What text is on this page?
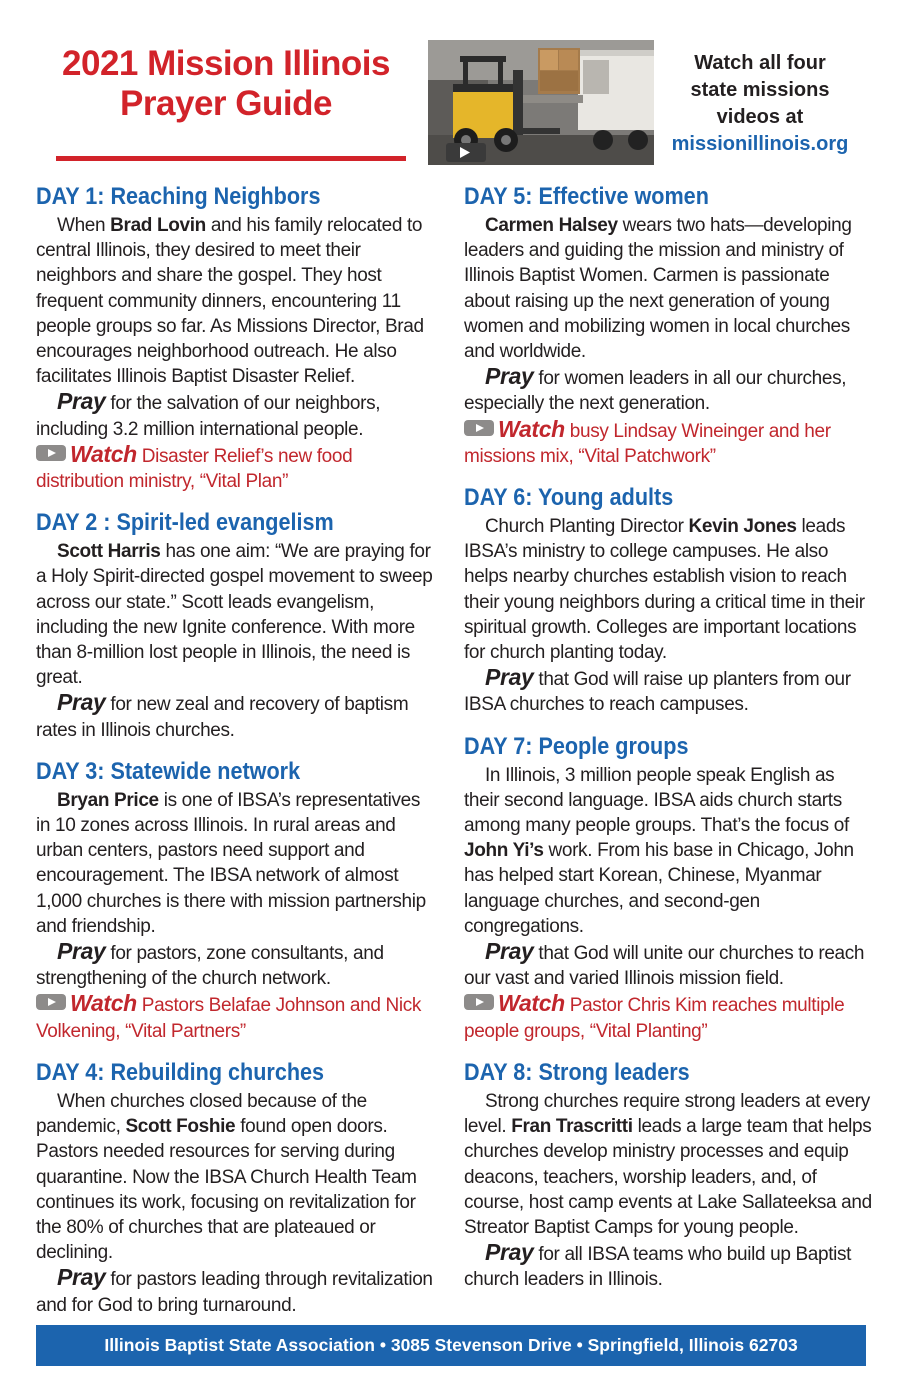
2021 Mission Illinois
Prayer Guide
Watch all four
state missions
videos at
missionillinois.org
DAY 1: Reaching Neighbors

When Brad Lovin and his family relocated to central Illinois, they desired to meet their neighbors and share the gospel. They host frequent community dinners, encountering 11 people groups so far. As Missions Director, Brad encourages neighborhood outreach. He also facilitates Illinois Baptist Disaster Relief.

Pray for the salvation of our neighbors, including 3.2 million international people.

Watch Disaster Relief’s new food distribution ministry, “Vital Plan”

DAY 2 : Spirit-led evangelism

Scott Harris has one aim: “We are praying for a Holy Spirit-directed gospel movement to sweep across our state.” Scott leads evangelism, including the new Ignite conference. With more than 8-million lost people in Illinois, the need is great.

Pray for new zeal and recovery of baptism rates in Illinois churches.

DAY 3: Statewide network

Bryan Price is one of IBSA’s representatives in 10 zones across Illinois. In rural areas and urban centers, pastors need support and encouragement. The IBSA network of almost 1,000 churches is there with mission partnership and friendship.

Pray for pastors, zone consultants, and strengthening of the church network.

Watch Pastors Belafae Johnson and Nick Volkening, “Vital Partners”

DAY 4: Rebuilding churches

When churches closed because of the pandemic, Scott Foshie found open doors. Pastors needed resources for serving during quarantine. Now the IBSA Church Health Team continues its work, focusing on revitalization for the 80% of churches that are plateaued or declining.

Pray for pastors leading through revitalization and for God to bring turnaround.

DAY 5: Effective women

Carmen Halsey wears two hats—developing leaders and guiding the mission and ministry of Illinois Baptist Women. Carmen is passionate about raising up the next generation of young women and mobilizing women in local churches and worldwide.

Pray for women leaders in all our churches, especially the next generation.

Watch busy Lindsay Wineinger and her missions mix, “Vital Patchwork”

DAY 6: Young adults

Church Planting Director Kevin Jones leads IBSA’s ministry to college campuses. He also helps nearby churches establish vision to reach their young neighbors during a critical time in their spiritual growth. Colleges are important locations for church planting today.

Pray that God will raise up planters from our IBSA churches to reach campuses.

DAY 7: People groups

In Illinois, 3 million people speak English as their second language. IBSA aids church starts among many people groups. That’s the focus of John Yi’s work. From his base in Chicago, John has helped start Korean, Chinese, Myanmar language churches, and second-gen congregations.

Pray that God will unite our churches to reach our vast and varied Illinois mission field.

Watch Pastor Chris Kim reaches multiple people groups, “Vital Planting”

DAY 8: Strong leaders

Strong churches require strong leaders at every level. Fran Trascritti leads a large team that helps churches develop ministry processes and equip deacons, teachers, worship leaders, and, of course, host camp events at Lake Sallateeksa and Streator Baptist Camps for young people.

Pray for all IBSA teams who build up Baptist church leaders in Illinois.

Illinois Baptist State Association • 3085 Stevenson Drive • Springfield, Illinois 62703
